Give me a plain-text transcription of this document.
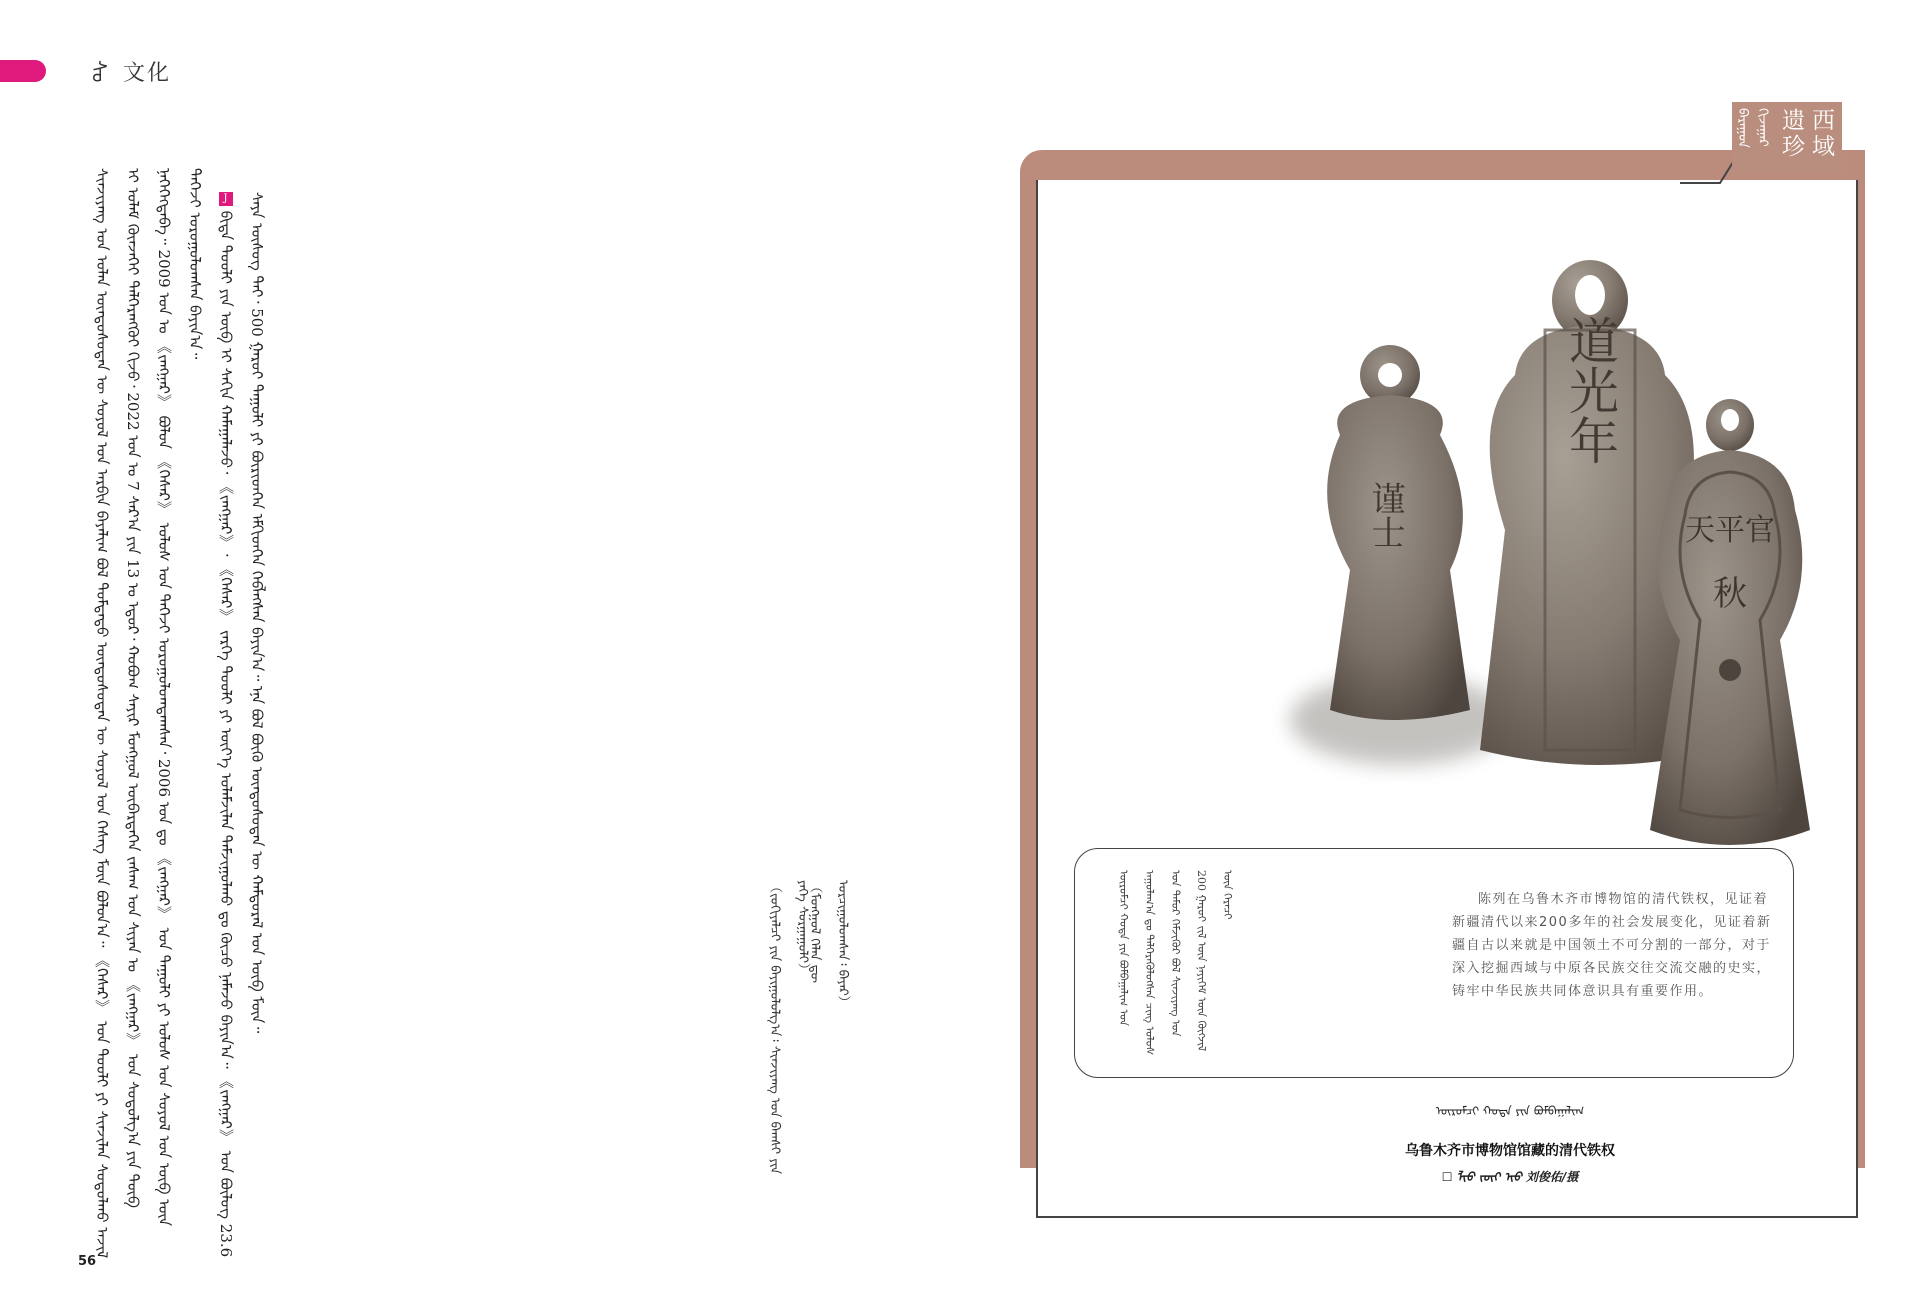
ᠰᠣ 文化

ᠰᠢᠨᠵᠢᠶᠠᠩ ᠤᠨ ᠣᠯᠠᠨ ᠦᠨᠳᠦᠰᠦᠲᠡᠨ ᠦ ᠰᠣᠶᠤᠯ ᠤᠨ ᠠᠷᠪᠢᠨ ᠪᠠᠶᠠᠯᠢᠭ ᠪᠣᠯ ᠳᠤᠮᠳᠠᠳᠤ ᠦᠨᠳᠦᠰᠦᠲᠡᠨ ᠦ ᠰᠣᠶᠤᠯ ᠤᠨ ᠬᠡᠰᠡᠭ ᠮᠥᠨ ᠪᠣᠯᠤᠨ᠎ᠠ᠃ 《ᠭᠡᠰᠡᠷ》 ᠤᠨ ᠲᠤᠤᠯᠢ ᠶᠢ ᠰᠢᠨᠵᠢᠯᠡᠨ ᠰᠤᠳᠤᠯᠬᠤ ᠠᠵᠢᠯ ᠢ ᠤᠯᠠᠮ ᠭᠦᠨᠵᠡᠭᠡᠢ ᠳᠡᠯᠭᠡᠷᠡᠩᠭᠦᠢ ᠬᠢᠵᠦ᠂ 2022 ᠣᠨ ᠤ 7 ᠰᠠᠷ᠎ᠠ ᠶᠢᠨ 13 ᠤ ᠡᠳᠦᠷ᠂ ᠬᠣᠪᠣᠭ ᠰᠠᠶᠢᠷ ᠮᠣᠩᠭᠣᠯ ᠥᠪᠡᠷᠳᠡᠭᠡᠨ ᠵᠠᠰᠠᠭ ᠤᠨ ᠰᠢᠶᠠᠨ ᠤ 《ᠵᠠᠩᠭᠠᠷ》 ᠤᠨ ᠰᠤᠳᠤᠯᠭ᠎ᠠ ᠶᠢᠨ ᠲᠥᠪ ᠨᠡᠭᠡᠭᠡᠭᠳᠡᠪᠡ᠃ 2009 ᠣᠨ ᠤ 《ᠵᠠᠩᠭᠠᠷ》 ᠪᠣᠯᠤᠨ 《ᠭᠡᠰᠡᠷ》 ᠤᠯᠤᠰ ᠤᠨ ᠳᠡᠭᠡᠵᠢ ᠣᠷᠤᠭᠤᠯᠤᠭᠳᠠᠭᠰᠠᠨ᠂ 2006 ᠣᠨ ᠳᠤ 《ᠵᠠᠩᠭᠠᠷ》 ᠤᠨ ᠳᠠᠭᠤᠯᠢ ᠶᠢ ᠤᠯᠤᠰ ᠤᠨ ᠰᠣᠶᠤᠯ ᠤᠨ ᠥᠪ ᠦᠨ ᠳᠡᠭᠡᠵᠢ ᠣᠷᠤᠭᠤᠯᠤᠭᠰᠠᠨ ᠪᠠᠶᠢᠨ᠎ᠠ᠃	J ᠪᠢᠳᠡ ᠲᠤᠤᠯᠢ ᠶᠢᠨ ᠥᠪ ᠢ ᠰᠠᠬᠢᠨ ᠬᠠᠮᠠᠭᠠᠯᠠᠵᠤ᠂ 《ᠵᠠᠩᠭᠠᠷ》᠂ 《ᠭᠡᠰᠡᠷ》 ᠵᠡᠷᠭᠡ ᠲᠤᠤᠯᠢ ᠶᠢ ᠦᠶ᠎ᠡ ᠤᠯᠠᠮᠵᠢᠯᠠᠨ ᠳᠠᠮᠵᠢᠭᠤᠯᠬᠤ ᠳᠤ ᠬᠦᠴᠦ ᠨᠡᠮᠡᠵᠦ ᠪᠠᠶᠢᠨ᠎ᠠ᠃ 《ᠵᠠᠩᠭᠠᠷ》 ᠤᠨ ᠪᠦᠯᠦᠭ 23.6 ᠰᠠᠶᠠ ᠦᠰᠦᠭ ᠲᠡᠢ᠂ 500 ᠭᠠᠷᠤᠢ ᠳᠠᠭᠤᠯᠢ ᠶᠢ ᠪᠦᠷᠢᠳᠬᠡᠨ ᠡᠮᠬᠢᠳᠬᠡᠨ ᠬᠡᠪᠯᠡᠭᠰᠡᠨ ᠪᠠᠶᠢᠨ᠎ᠠ᠃ ᠡᠨᠡ ᠪᠣᠯ ᠪᠦᠬᠦ ᠦᠨᠳᠦᠰᠦᠲᠡᠨ ᠦ ᠬᠠᠮᠲᠤᠷᠠᠯ ᠤᠨ ᠥᠪ ᠮᠥᠨ᠃	（ᠵᠣᠬᠢᠶᠠᠯᠴᠢ ᠶᠢᠨ ᠪᠠᠶᠢᠭᠤᠯᠤᠯᠭ᠎ᠠ᠄ ᠰᠢᠨᠵᠢᠶᠠᠩ ᠤᠨ ᠪᠠᠭᠰᠢ ᠶᠢᠨ ᠶᠡᠬᠡ ᠰᠤᠷᠭᠠᠭᠤᠯᠢ）
（ᠮᠣᠩᠭᠣᠯ ᠬᠡᠯᠡᠨ ᠳᠦ ᠣᠷᠴᠢᠭᠤᠯᠤᠭᠰᠠᠨ᠄ ᠪᠠᠶᠠᠷ）
56
西域 遗珍
ᠪᠠᠷᠠᠭᠤᠨ ᠬᠢᠵᠠᠭᠠᠷ
谨士
道光年
天平官
秋
ᠦᠷᠦᠮᠴᠢ ᠬᠣᠲᠠ ᠶᠢᠨ ᠪᠤᠮᠪᠠᠭᠠᠯᠢᠭ ᠤᠨ ᠠᠭᠤᠯᠠᠭ᠎ᠠ ᠳᠤ ᠳᠡᠯᠭᠡᠷᠡᠭᠦᠯᠦᠭᠰᠡᠨ ᠴᠢᠩ ᠤᠯᠤᠰ ᠤᠨ ᠲᠡᠮᠦᠷ ᠬᠡᠮᠵᠢᠭᠦᠷ ᠪᠣᠯ ᠰᠢᠨᠵᠢᠶᠠᠩ ᠤᠨ 200 ᠭᠠᠷᠤᠢ ᠵᠢᠯ ᠦᠨ ᠨᠡᠶᠢᠭᠡᠮ ᠦᠨ ᠬᠥᠭᠵᠢᠯ ᠦᠨ ᠭᠡᠷᠡᠴᠢ	陈列在乌鲁木齐市博物馆的清代铁权，见证着新疆清代以来200多年的社会发展变化，见证着新疆自古以来就是中国领土不可分割的一部分，对于深入挖掘西域与中原各民族交往交流交融的史实，铸牢中华民族共同体意识具有重要作用。
ᠦᠷᠦᠮᠴᠢ ᠬᠣᠲᠠ ᠶᠢᠨ ᠪᠤᠮᠪᠠᠭᠠᠯᠢᠭ
乌鲁木齐市博物馆馆藏的清代铁权
☐ ᠯᠢᠦ ᠵᠦᠢ ᠢᠤ 刘俊佑/摄
